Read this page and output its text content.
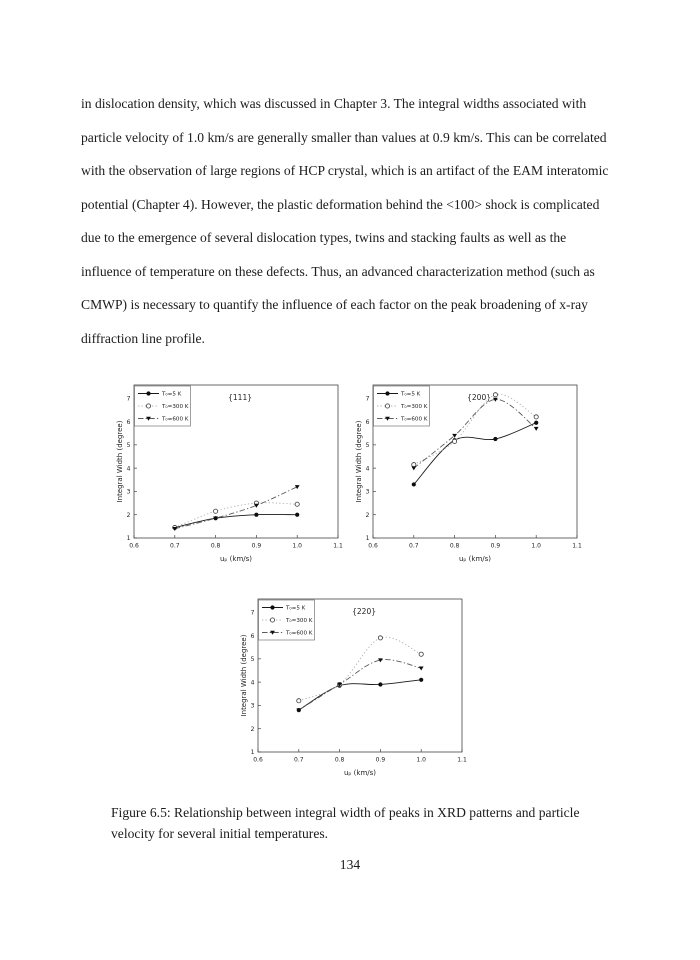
in dislocation density, which was discussed in Chapter 3. The integral widths associated with
particle velocity of 1.0 km/s are generally smaller than values at 0.9 km/s. This can be correlated
with the observation of large regions of HCP crystal, which is an artifact of the EAM interatomic
potential (Chapter 4). However, the plastic deformation behind the <100> shock is complicated
due to the emergence of several dislocation types, twins and stacking faults as well as the
influence of temperature on these defects. Thus, an advanced characterization method (such as
CMWP) is necessary to quantify the influence of each factor on the peak broadening of x-ray
diffraction line profile.
0.6	0.7	0.8	0.9	1.0	1.1
1
2
3
4
5
6
7
uₚ (km/s)
Integral Width (degree)
{111}
T₀=5 K
T₀=300 K
T₀=600 K
0.6	0.7	0.8	0.9	1.0	1.1
1
2
3
4
5
6
7
uₚ (km/s)
Integral Width (degree)
{200}
T₀=5 K
T₀=300 K
T₀=600 K
0.6	0.7	0.8	0.9	1.0	1.1
1
2
3
4
5
6
7
uₚ (km/s)
Integral Width (degree)
{220}
T₀=5 K
T₀=300 K
T₀=600 K
Figure 6.5: Relationship between integral width of peaks in XRD patterns and particle
velocity for several initial temperatures.
134
